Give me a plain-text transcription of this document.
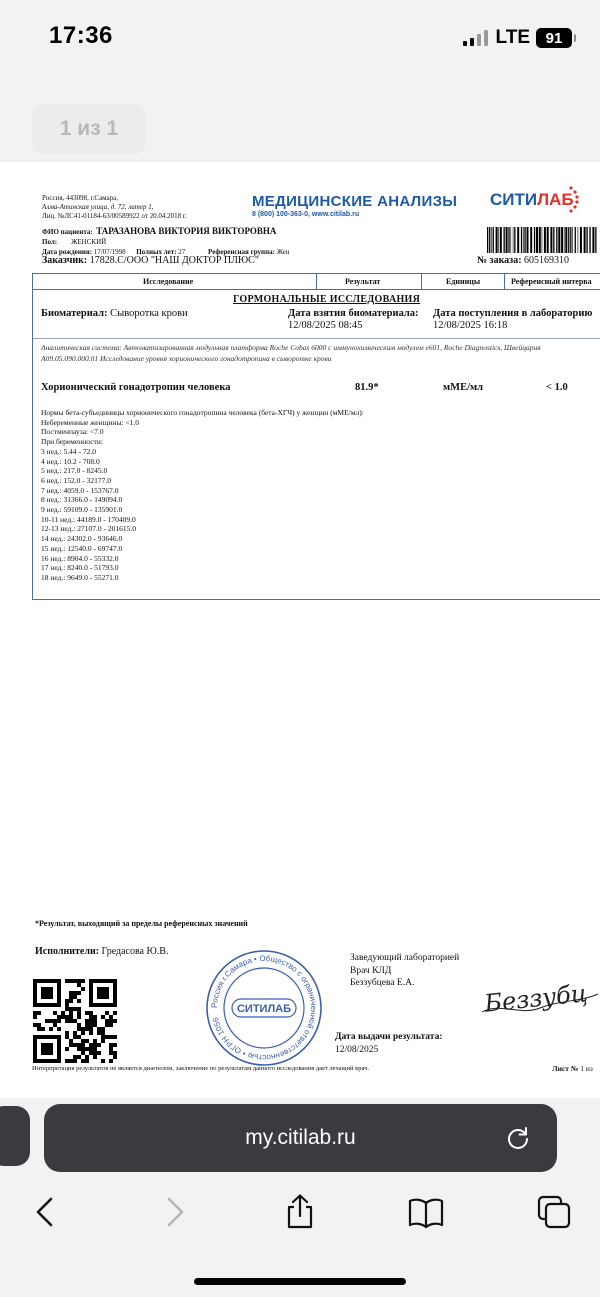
17:36	LTE	91
1 из 1
Россия, 443098, г.Самара,
Алма-Атинская улица, д. 72, литер 1,
Лиц. №ЛС41-01184-63/00589922 от 20.04.2018 г.
МЕДИЦИНСКИЕ АНАЛИЗЫ
8 (800) 100-363-0, www.citilab.ru
СИТИЛАБ
ФИО пациента: ТАРАЗАНОВА ВИКТОРИЯ ВИКТОРОВНА
Пол: ЖЕНСКИЙ
Дата рождения: 17/07/1998 Полных лет: 27	Референсная группа: Жен
Заказчик: 17828.С/ООО "НАШ ДОКТОР ПЛЮС"	№ заказа: 605169310
Исследование	Результат	Единицы	Референсный интерва
ГОРМОНАЛЬНЫЕ ИССЛЕДОВАНИЯ
Биоматериал: Сыворотка крови	Дата взятия биоматериала:
12/08/2025 08:45
Дата поступления в лабораторию
12/08/2025 16:18
Аналитическая система: Автоматизированная модульная платформа Roche Cobas 6000 с иммунохимическим модулем e601, Roche Diagnostics, Швейцария
A09.05.090.000.01 Исследование уровня хорионического гонадотропина в сыворотке крови
Хорионический гонадотропин человека	81.9*	мМЕ/мл	< 1.0
Нормы бета-субъединицы хорионического гонадотропина человека (бета-ХГЧ) у женщин (мМЕ/мл):
Небеременные женщины: <1.0
Постменпауза: <7.0
При беременности:
3 нед.: 5.44 - 72.0
4 нед.: 10.2 - 708.0
5 нед.: 217.0 - 8245.0
6 нед.: 152.0 - 32177.0
7 нед.: 4059.0 - 153767.0
8 нед.: 31366.0 - 149094.0
9 нед.: 59109.0 - 135901.0
10-11 нед.: 44189.0 - 170409.0
12-13 нед.: 27107.0 - 201615.0
14 нед.: 24302.0 - 93646.0
15 нед.: 12540.0 - 69747.0
16 нед.: 8904.0 - 55332.0
17 нед.: 8240.0 - 51793.0
18 нед.: 9649.0 - 55271.0
*Результат, выходящий за пределы референсных значений
Исполнители: Гредасова Ю.В.
Россия г.Самара • Общество с ограниченной ответственностью • ОГРН 1056
СИТИЛАБ
Заведующий лабораторией
Врач КЛД
Беззубцева Е.А.	Беззубц
Дата выдачи результата:
12/08/2025
Интерпретация результатов не является диагнозом, заключение по результатам данного исследования дает лечащий врач.	Лист № 1 из
my.citilab.ru
